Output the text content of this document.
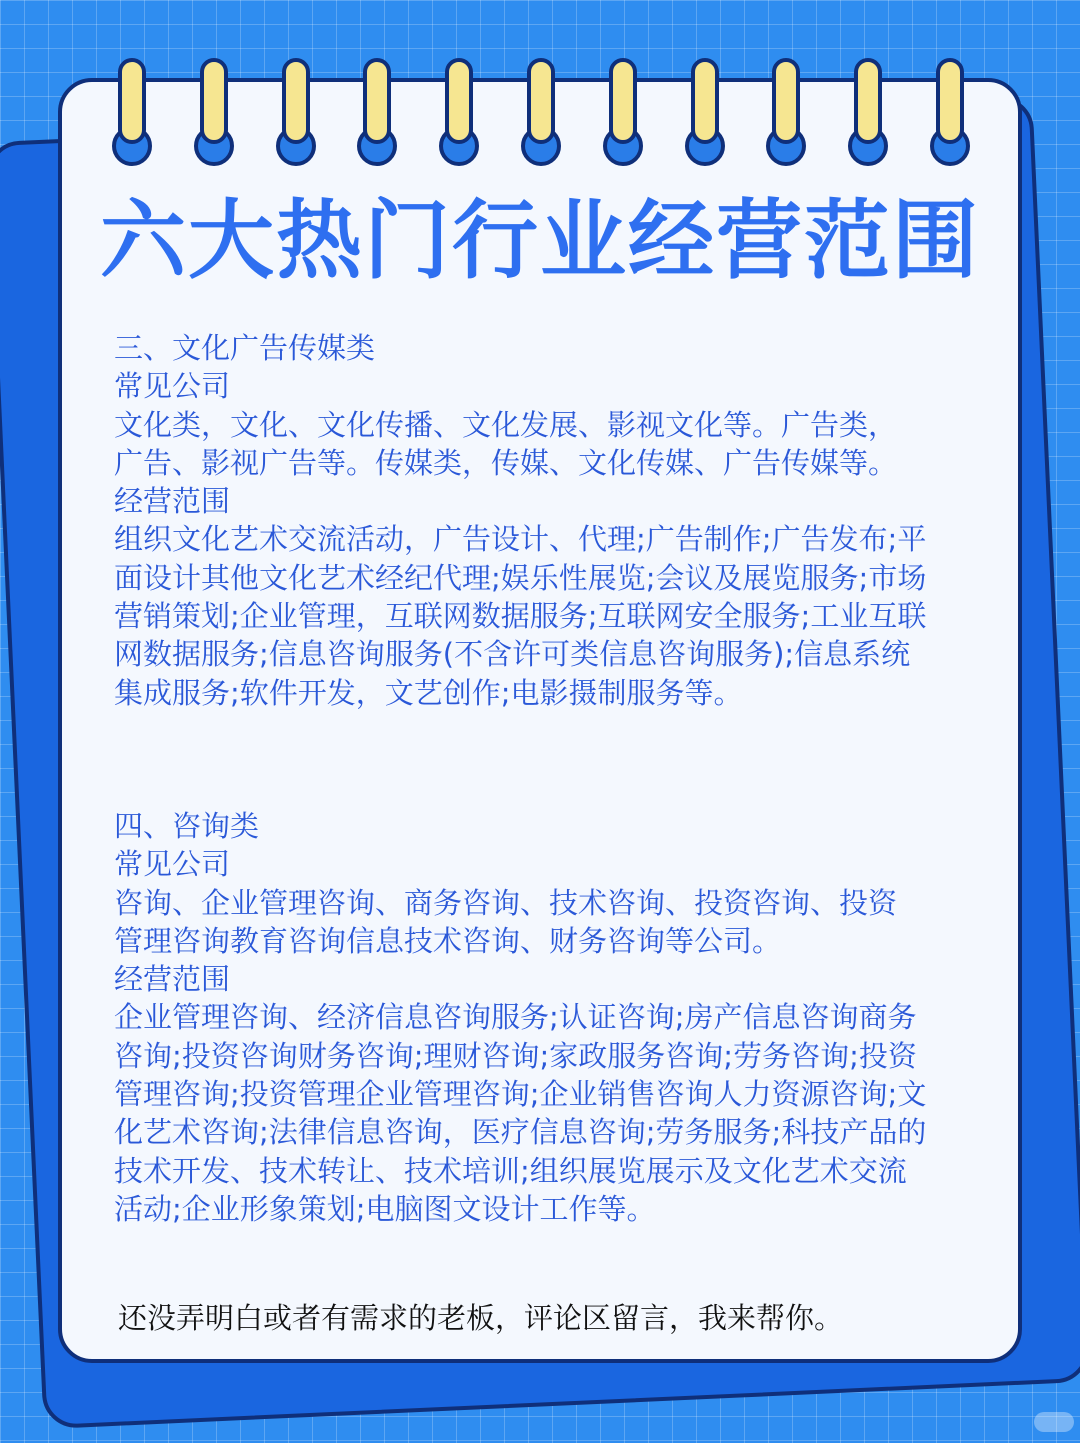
六大热门行业经营范围
三、文化广告传媒类
常见公司
文化类，文化、文化传播、文化发展、影视文化等。广告类，
广告、影视广告等。传媒类，传媒、文化传媒、广告传媒等。
经营范围
组织文化艺术交流活动，广告设计、代理;广告制作;广告发布;平
面设计其他文化艺术经纪代理;娱乐性展览;会议及展览服务;市场
营销策划;企业管理，互联网数据服务;互联网安全服务;工业互联
网数据服务;信息咨询服务(不含许可类信息咨询服务);信息系统
集成服务;软件开发，文艺创作;电影摄制服务等。
四、咨询类
常见公司
咨询、企业管理咨询、商务咨询、技术咨询、投资咨询、投资
管理咨询教育咨询信息技术咨询、财务咨询等公司。
经营范围
企业管理咨询、经济信息咨询服务;认证咨询;房产信息咨询商务
咨询;投资咨询财务咨询;理财咨询;家政服务咨询;劳务咨询;投资
管理咨询;投资管理企业管理咨询;企业销售咨询人力资源咨询;文
化艺术咨询;法律信息咨询，医疗信息咨询;劳务服务;科技产品的
技术开发、技术转让、技术培训;组织展览展示及文化艺术交流
活动;企业形象策划;电脑图文设计工作等。
还没弄明白或者有需求的老板，评论区留言，我来帮你。
